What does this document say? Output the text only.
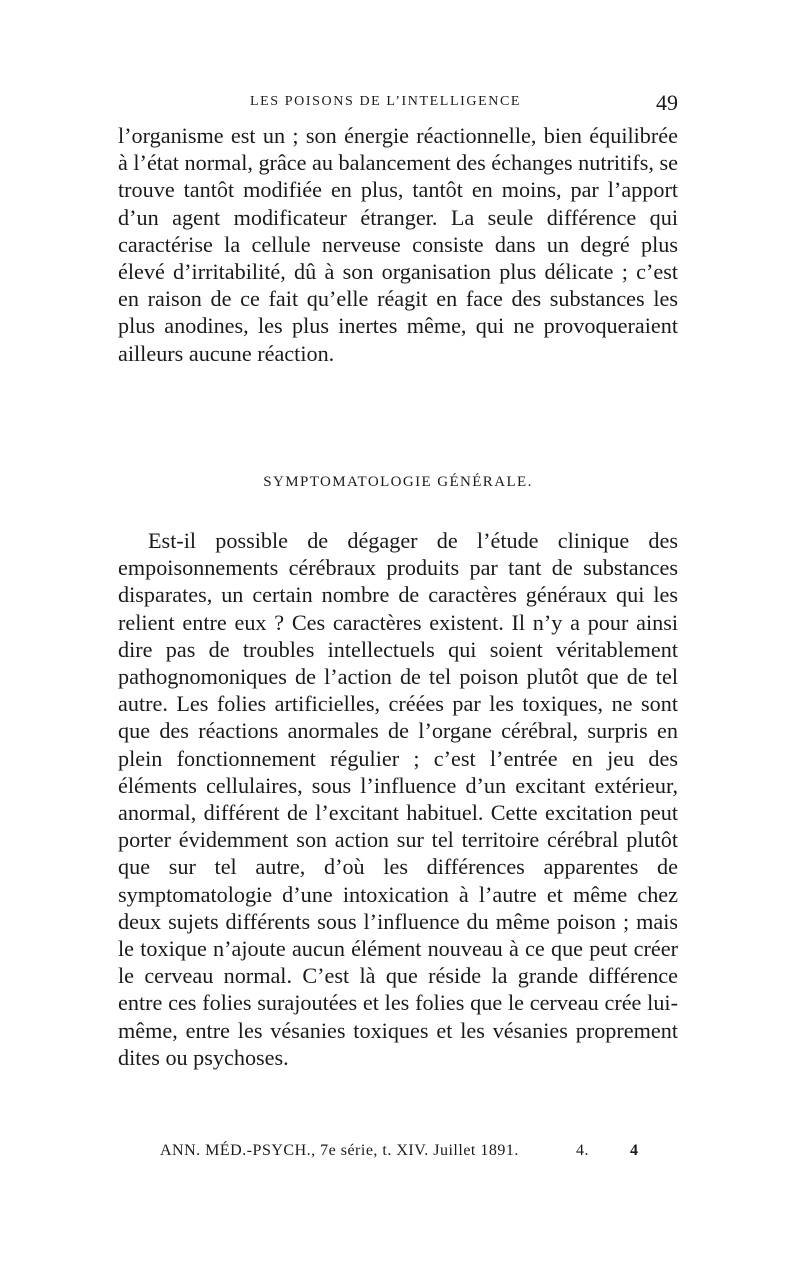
LES POISONS DE L’INTELLIGENCE	49

l’organisme est un ; son énergie réactionnelle, bien équilibrée à l’état normal, grâce au balancement des échanges nutritifs, se trouve tantôt modifiée en plus, tantôt en moins, par l’apport d’un agent modificateur étranger. La seule différence qui caractérise la cellule nerveuse consiste dans un degré plus élevé d’irritabilité, dû à son organisation plus délicate ; c’est en raison de ce fait qu’elle réagit en face des substances les plus anodines, les plus inertes même, qui ne provoqueraient ailleurs aucune réaction.

SYMPTOMATOLOGIE GÉNÉRALE.

Est-il possible de dégager de l’étude clinique des empoisonnements cérébraux produits par tant de substances disparates, un certain nombre de caractères généraux qui les relient entre eux ? Ces caractères existent. Il n’y a pour ainsi dire pas de troubles intellectuels qui soient véritablement pathognomoniques de l’action de tel poison plutôt que de tel autre. Les folies artificielles, créées par les toxiques, ne sont que des réactions anormales de l’organe cérébral, surpris en plein fonctionnement régulier ; c’est l’entrée en jeu des éléments cellulaires, sous l’influence d’un excitant extérieur, anormal, différent de l’excitant habituel. Cette excitation peut porter évidemment son action sur tel territoire cérébral plutôt que sur tel autre, d’où les différences apparentes de symptomatologie d’une intoxication à l’autre et même chez deux sujets différents sous l’influence du même poison ; mais le toxique n’ajoute aucun élément nouveau à ce que peut créer le cerveau normal. C’est là que réside la grande différence entre ces folies surajoutées et les folies que le cerveau crée lui-même, entre les vésanies toxiques et les vésanies proprement dites ou psychoses.

ANN. MÉD.-PSYCH., 7e série, t. XIV. Juillet 1891.	4.	4
